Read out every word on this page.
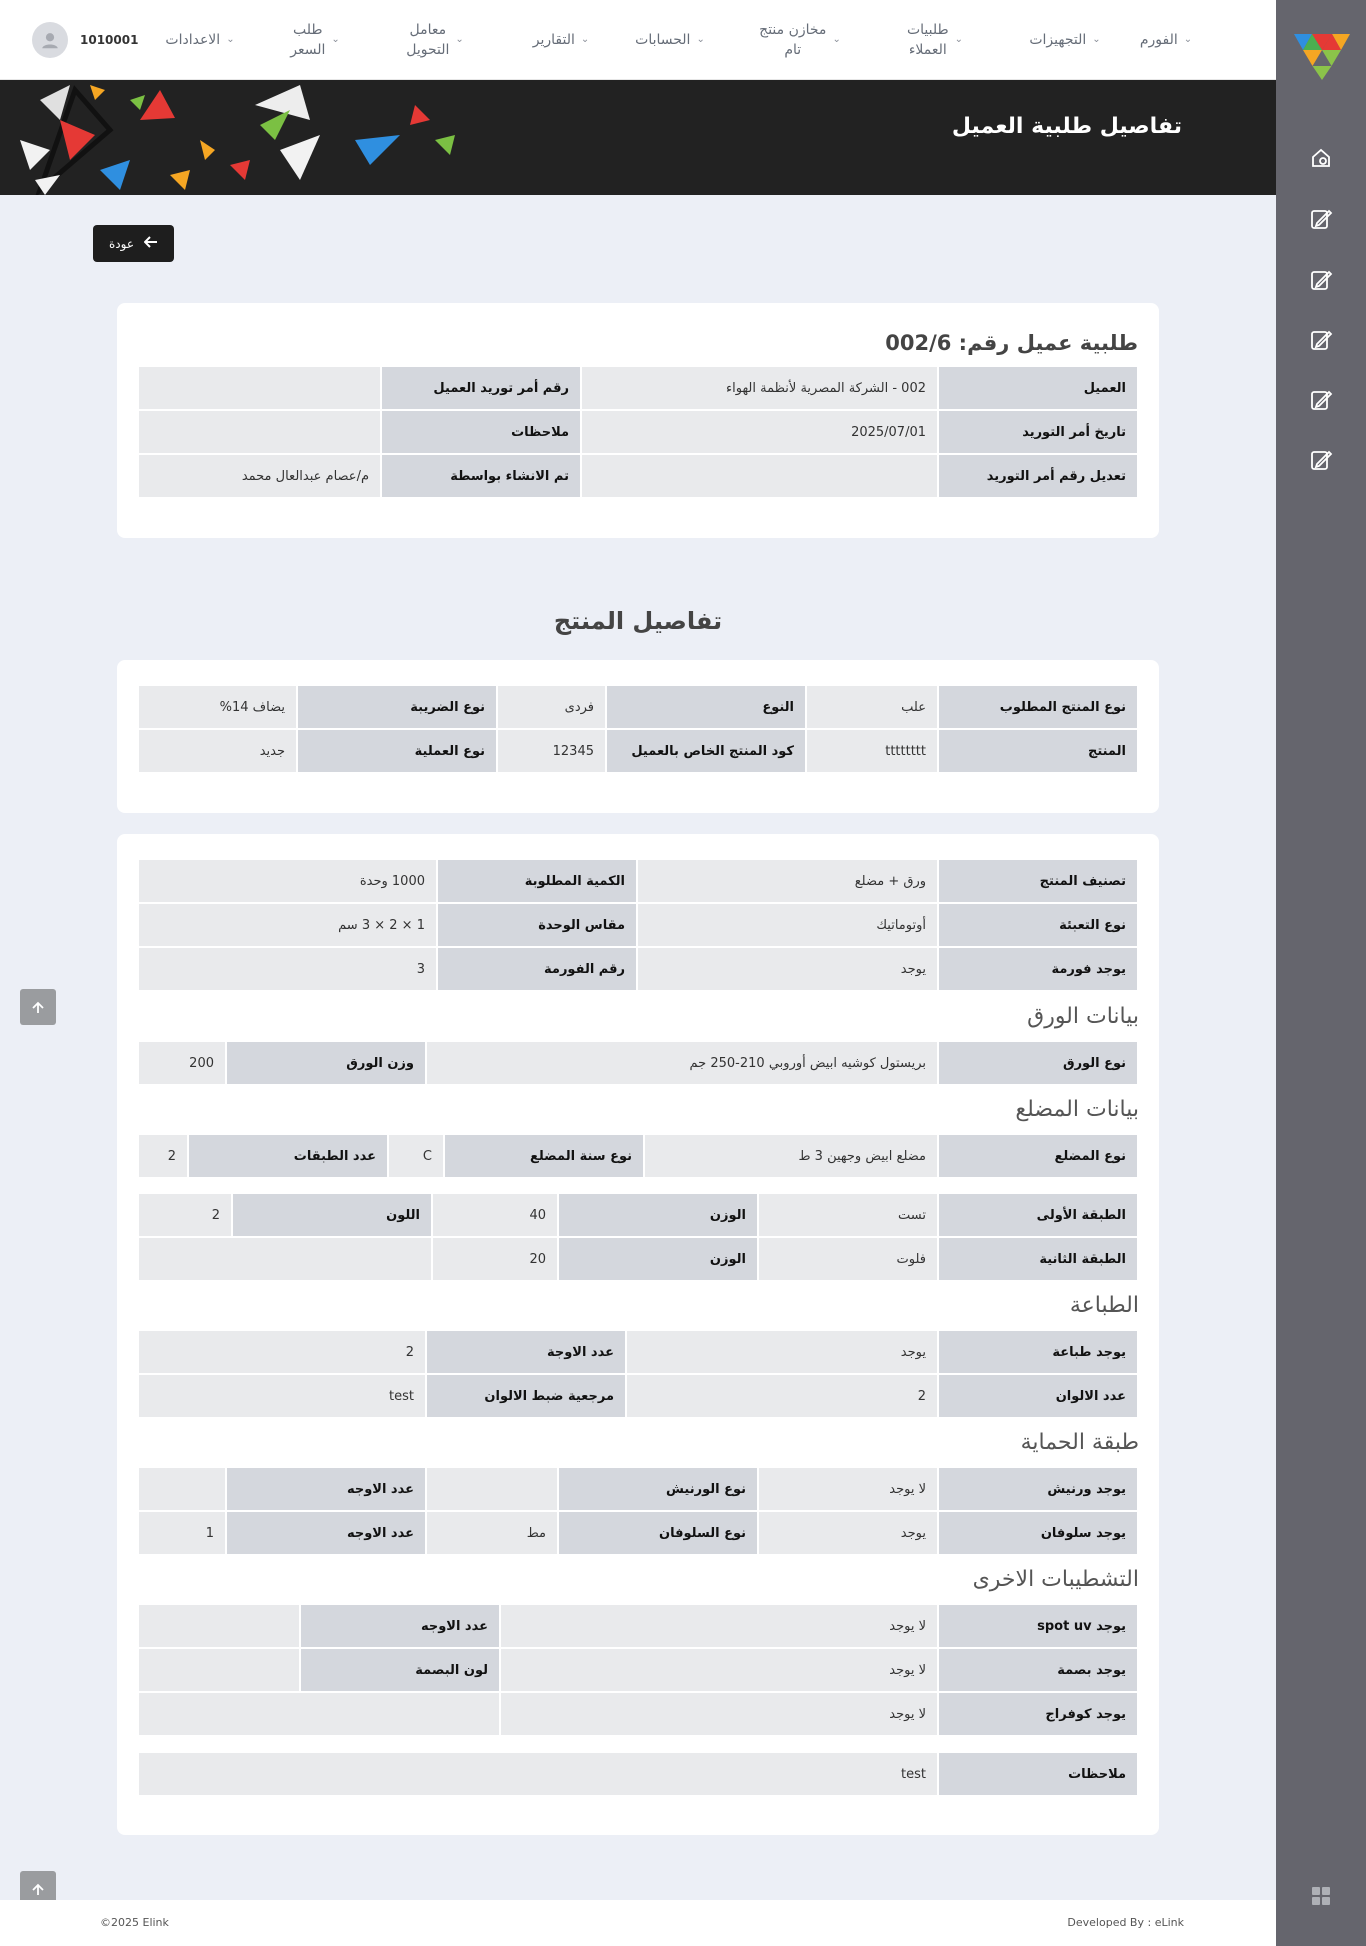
الفورم ⌄
التجهيزات ⌄
طلبيات
العملاء
⌄
مخازن منتج
تام
⌄
الحسابات ⌄
التقارير ⌄
معامل
التحويل
⌄
طلب
السعر
⌄
الاعدادات ⌄
1010001
تفاصيل طلبية العميل
عودة
طلبية عميل رقم: 002/6
العميل
002 - الشركة المصرية لأنظمة الهواء
رقم أمر توريد العميل
تاريخ أمر التوريد
2025/07/01
ملاحظات
تعديل رقم أمر التوريد
تم الانشاء بواسطة
م/عصام عبدالعال محمد
تفاصيل المنتج
نوع المنتج المطلوب
علب
النوع
فردى
نوع الضريبة
يضاف 14%
المنتج
tttttttt
كود المنتج الخاص بالعميل
12345
نوع العملية
جديد
تصنيف المنتج
ورق + مضلع
الكمية المطلوبة
1000 وحدة
نوع التعبئة
أوتوماتيك
مقاس الوحدة
1 × 2 × 3 سم
يوجد فورمة
يوجد
رقم الفورمة
3
بيانات الورق
نوع الورق
بريستول كوشيه ابيض أوروبي 210-250 جم
وزن الورق
200
بيانات المضلع
نوع المضلع
مضلع ابيض وجهين 3 ط
نوع سنة المضلع
C
عدد الطبقات
2
الطبقة الأولى
تست
الوزن
40
اللون
2
الطبقة الثانية
فلوت
الوزن
20
الطباعة
يوجد طباعة
يوجد
عدد الاوجة
2
عدد الالوان
2
مرجعية ضبط الالوان
test
طبقة الحماية
يوجد ورنيش
لا يوجد
نوع الورنيش
عدد الاوجه
يوجد سلوفان
يوجد
نوع السلوفان
مط
عدد الاوجه
1
التشطيبات الاخرى
يوجد spot uv
لا يوجد
عدد الاوجه
يوجد بصمة
لا يوجد
لون البصمة
يوجد كوفراج
لا يوجد
ملاحظات
test
©2025 Elink	Developed By : eLink
